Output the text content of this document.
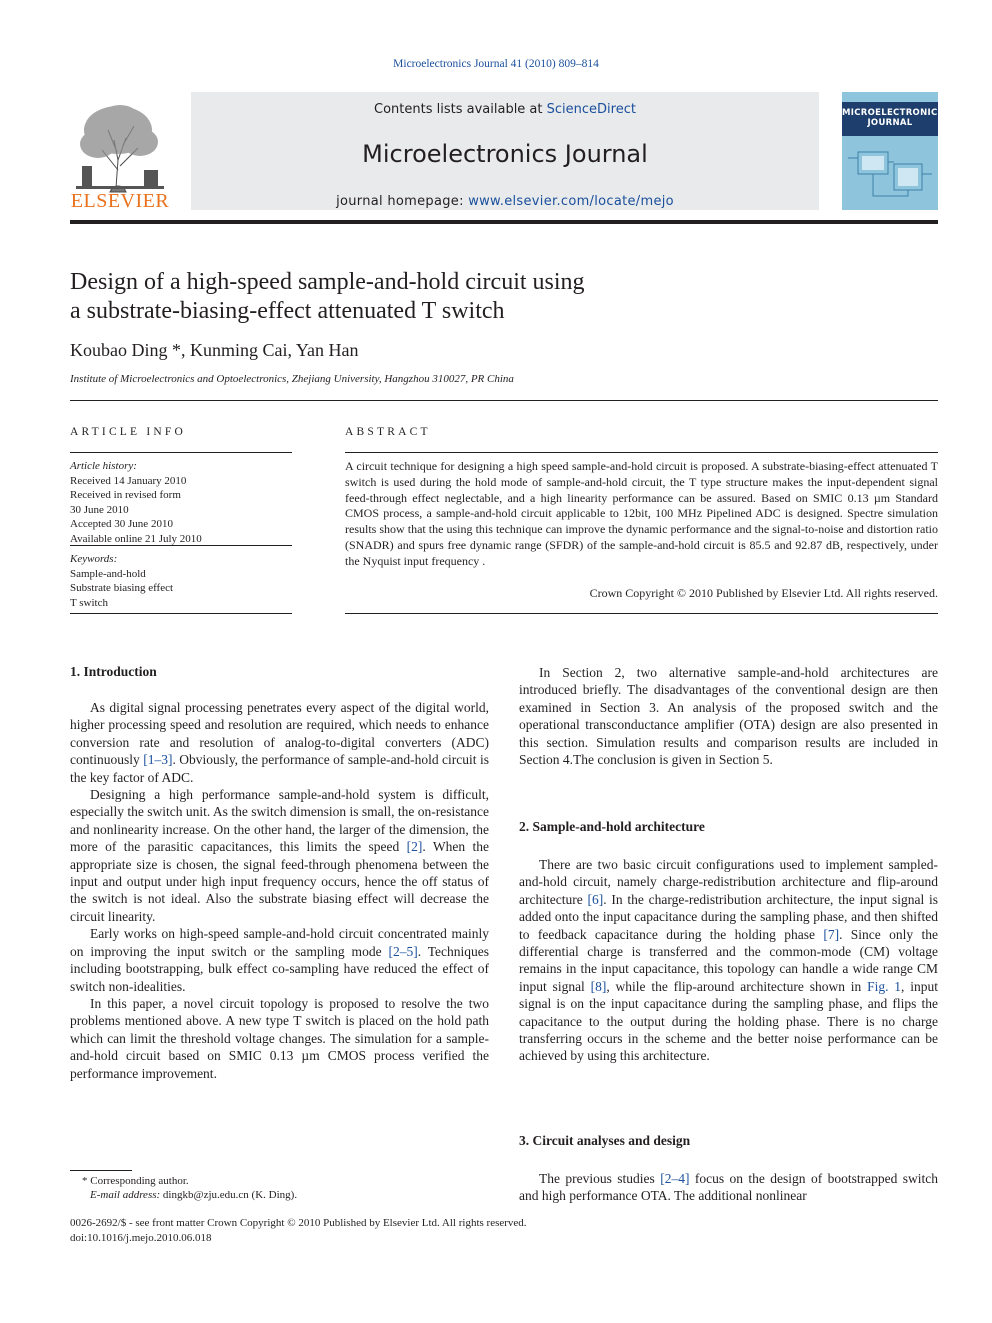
Microelectronics Journal 41 (2010) 809–814
Contents lists available at ScienceDirect
Microelectronics Journal
journal homepage: www.elsevier.com/locate/mejo
ELSEVIER
MICROELECTRONICS
JOURNAL
Design of a high-speed sample-and-hold circuit using
a substrate-biasing-effect attenuated T switch
Koubao Ding *, Kunming Cai, Yan Han
Institute of Microelectronics and Optoelectronics, Zhejiang University, Hangzhou 310027, PR China
ARTICLE INFO
Article history:
Received 14 January 2010
Received in revised form
30 June 2010
Accepted 30 June 2010
Available online 21 July 2010
Keywords:
Sample-and-hold
Substrate biasing effect
T switch
ABSTRACT
A circuit technique for designing a high speed sample-and-hold circuit is proposed. A substrate-biasing-effect attenuated T switch is used during the hold mode of sample-and-hold circuit, the T type structure makes the input-dependent signal feed-through effect neglectable, and a high linearity performance can be assured. Based on SMIC 0.13 µm Standard CMOS process, a sample-and-hold circuit applicable to 12bit, 100 MHz Pipelined ADC is designed. Spectre simulation results show that the using this technique can improve the dynamic performance and the signal-to-noise and distortion ratio (SNADR) and spurs free dynamic range (SFDR) of the sample-and-hold circuit is 85.5 and 92.87 dB, respectively, under the Nyquist input frequency .
Crown Copyright © 2010 Published by Elsevier Ltd. All rights reserved.
1. Introduction

As digital signal processing penetrates every aspect of the digital world, higher processing speed and resolution are required, which needs to enhance conversion rate and resolution of analog-to-digital converters (ADC) continuously [1–3]. Obviously, the performance of sample-and-hold circuit is the key factor of ADC.

Designing a high performance sample-and-hold system is difficult, especially the switch unit. As the switch dimension is small, the on-resistance and nonlinearity increase. On the other hand, the larger of the dimension, the more of the parasitic capacitances, this limits the speed [2]. When the appropriate size is chosen, the signal feed-through phenomena between the input and output under high input frequency occurs, hence the off status of the switch is not ideal. Also the substrate biasing effect will decrease the circuit linearity.

Early works on high-speed sample-and-hold circuit concentrated mainly on improving the input switch or the sampling mode [2–5]. Techniques including bootstrapping, bulk effect co-sampling have reduced the effect of switch non-idealities.

In this paper, a novel circuit topology is proposed to resolve the two problems mentioned above. A new type T switch is placed on the hold path which can limit the threshold voltage changes. The simulation for a sample-and-hold circuit based on SMIC 0.13 µm CMOS process verified the performance improvement.

* Corresponding author.
E-mail address: dingkb@zju.edu.cn (K. Ding).
0026-2692/$ - see front matter Crown Copyright © 2010 Published by Elsevier Ltd. All rights reserved.
doi:10.1016/j.mejo.2010.06.018

In Section 2, two alternative sample-and-hold architectures are introduced briefly. The disadvantages of the conventional design are then examined in Section 3. An analysis of the proposed switch and the operational transconductance amplifier (OTA) design are also presented in this section. Simulation results and comparison results are included in Section 4.The conclusion is given in Section 5.

2. Sample-and-hold architecture

There are two basic circuit configurations used to implement sampled-and-hold circuit, namely charge-redistribution architecture and flip-around architecture [6]. In the charge-redistribution architecture, the input signal is added onto the input capacitance during the sampling phase, and then shifted to feedback capacitance during the holding phase [7]. Since only the differential charge is transferred and the common-mode (CM) voltage remains in the input capacitance, this topology can handle a wide range CM input signal [8], while the flip-around architecture shown in Fig. 1, input signal is on the input capacitance during the sampling phase, and flips the capacitance to the output during the holding phase. There is no charge transferring occurs in the scheme and the better noise performance can be achieved by using this architecture.

3. Circuit analyses and design

The previous studies [2–4] focus on the design of bootstrapped switch and high performance OTA. The additional nonlinear
